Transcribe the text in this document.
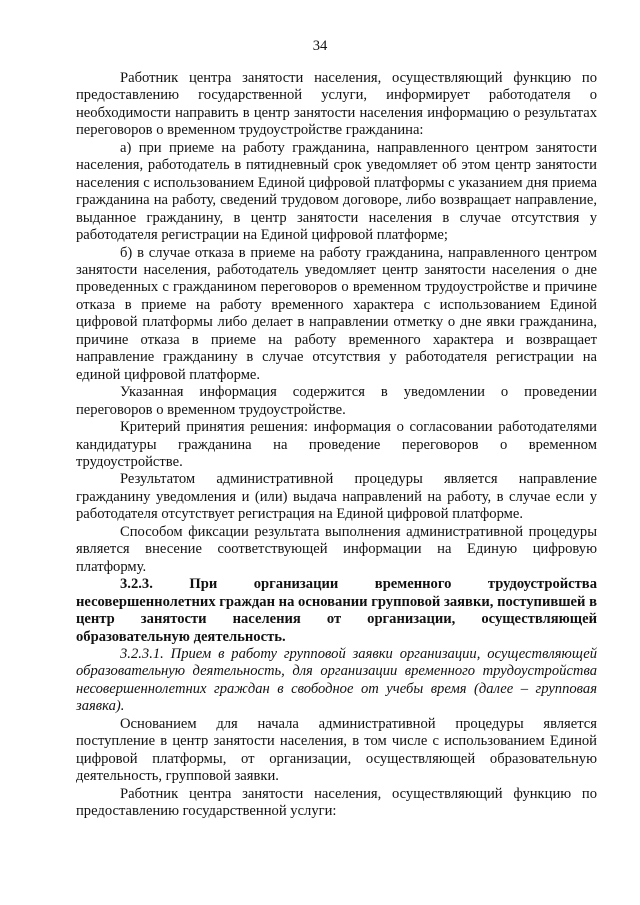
34

Работник центра занятости населения, осуществляющий функцию по предоставлению государственной услуги, информирует работодателя о необходимости направить в центр занятости населения информацию о результатах переговоров о временном трудоустройстве гражданина:

а) при приеме на работу гражданина, направленного центром занятости населения, работодатель в пятидневный срок уведомляет об этом центр занятости населения с использованием Единой цифровой платформы с указанием дня приема гражданина на работу, сведений трудовом договоре, либо возвращает направление, выданное гражданину, в центр занятости населения в случае отсутствия у работодателя регистрации на Единой цифровой платформе;

б) в случае отказа в приеме на работу гражданина, направленного центром занятости населения, работодатель уведомляет центр занятости населения о дне проведенных с гражданином переговоров о временном трудоустройстве и причине отказа в приеме на работу временного характера с использованием Единой цифровой платформы либо делает в направлении отметку о дне явки гражданина, причине отказа в приеме на работу временного характера и возвращает направление гражданину в случае отсутствия у работодателя регистрации на единой цифровой платформе.

Указанная информация содержится в уведомлении о проведении переговоров о временном трудоустройстве.

Критерий принятия решения: информация о согласовании работодателями кандидатуры гражданина на проведение переговоров о временном трудоустройстве.

Результатом административной процедуры является направление гражданину уведомления и (или) выдача направлений на работу, в случае если у работодателя отсутствует регистрация на Единой цифровой платформе.

Способом фиксации результата выполнения административной процедуры является внесение соответствующей информации на Единую цифровую платформу.

3.2.3. При организации временного трудоустройства несовершеннолетних граждан на основании групповой заявки, поступившей в центр занятости населения от организации, осуществляющей образовательную деятельность.

3.2.3.1. Прием в работу групповой заявки организации, осуществляющей образовательную деятельность, для организации временного трудоустройства несовершеннолетних граждан в свободное от учебы время (далее – групповая заявка).

Основанием для начала административной процедуры является поступление в центр занятости населения, в том числе с использованием Единой цифровой платформы, от организации, осуществляющей образовательную деятельность, групповой заявки.

Работник центра занятости населения, осуществляющий функцию по предоставлению государственной услуги:
